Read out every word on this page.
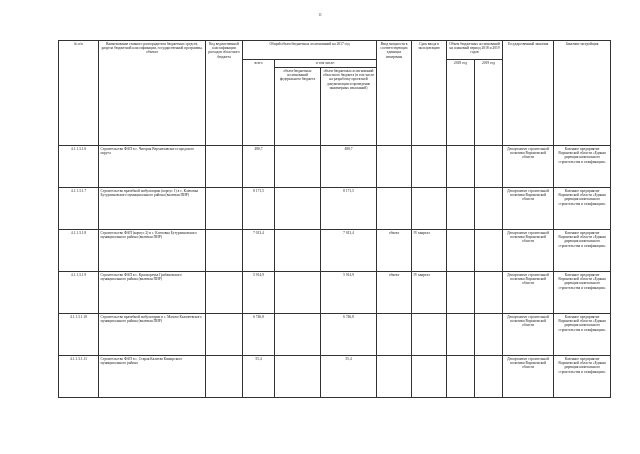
11
№ п/п	Наименование главного распорядителя бюджетных средств, раздела бюджетной классификации, государственной программы, объекта	Код ведомственной классификации расходов областного бюджета	Общий объем бюджетных ассигнований на 2017 год			Ввод мощности в соответствующих единицах измерения	Срок ввода в эксплуатацию	Объем бюджетных ассигнований на плановый период 2018 и 2019 годов		Государственный заказчик	Заказчик-застройщик
			всего	в том числе:				2018 год	2019 год		
				объем бюджетных ассигнований федерального бюджета	объем бюджетных ассигнований областного бюджета (в том числе на разработку проектной документации и проведение инженерных изысканий)						
4.1.1.3.1.6	Строительство ФАП в с. Чигорак Верхнехавского городского округа		488,7		488,7					Департамент строительной политики Воронежской области	Казенное предприятие Воронежской области «Единая дирекция капитального строительства и газификации»
4.1.1.3.1.7	Строительство врачебной амбулатории (корпус 1) в с. Клеповка Бутурлиновского муниципального района (включая ПИР)		8 171,5		8 171,5					Департамент строительной политики Воронежской области	Казенное предприятие Воронежской области «Единая дирекция капитального строительства и газификации»
4.1.1.3.1.8	Строительство ФАП (корпус 2) в с. Клеповка Бутурлиновского муниципального района (включая ПИР)		7 013,4		7 013,4	объект	IV квартал			Департамент строительной политики Воронежской области	Казенное предприятие Воронежской области «Единая дирекция капитального строительства и газификации»
4.1.1.3.1.9	Строительство ФАП в с. Красноречка Грибановского муниципального района (включая ПИР)		5 914,9		5 914,9	объект	IV квартал			Департамент строительной политики Воронежской области	Казенное предприятие Воронежской области «Единая дирекция капитального строительства и газификации»
4.1.1.3.1.10	Строительство врачебной амбулатории в с. Мазово Калачеевского муниципального района (включая ПИР)		6 746,8		6 746,8					Департамент строительной политики Воронежской области	Казенное предприятие Воронежской области «Единая дирекция капитального строительства и газификации»
4.1.1.3.1.11	Строительство ФАП в с. Старая Калитва Каширского муниципального района		55,4		55,4					Департамент строительной политики Воронежской области	Казенное предприятие Воронежской области «Единая дирекция капитального строительства и газификации»
